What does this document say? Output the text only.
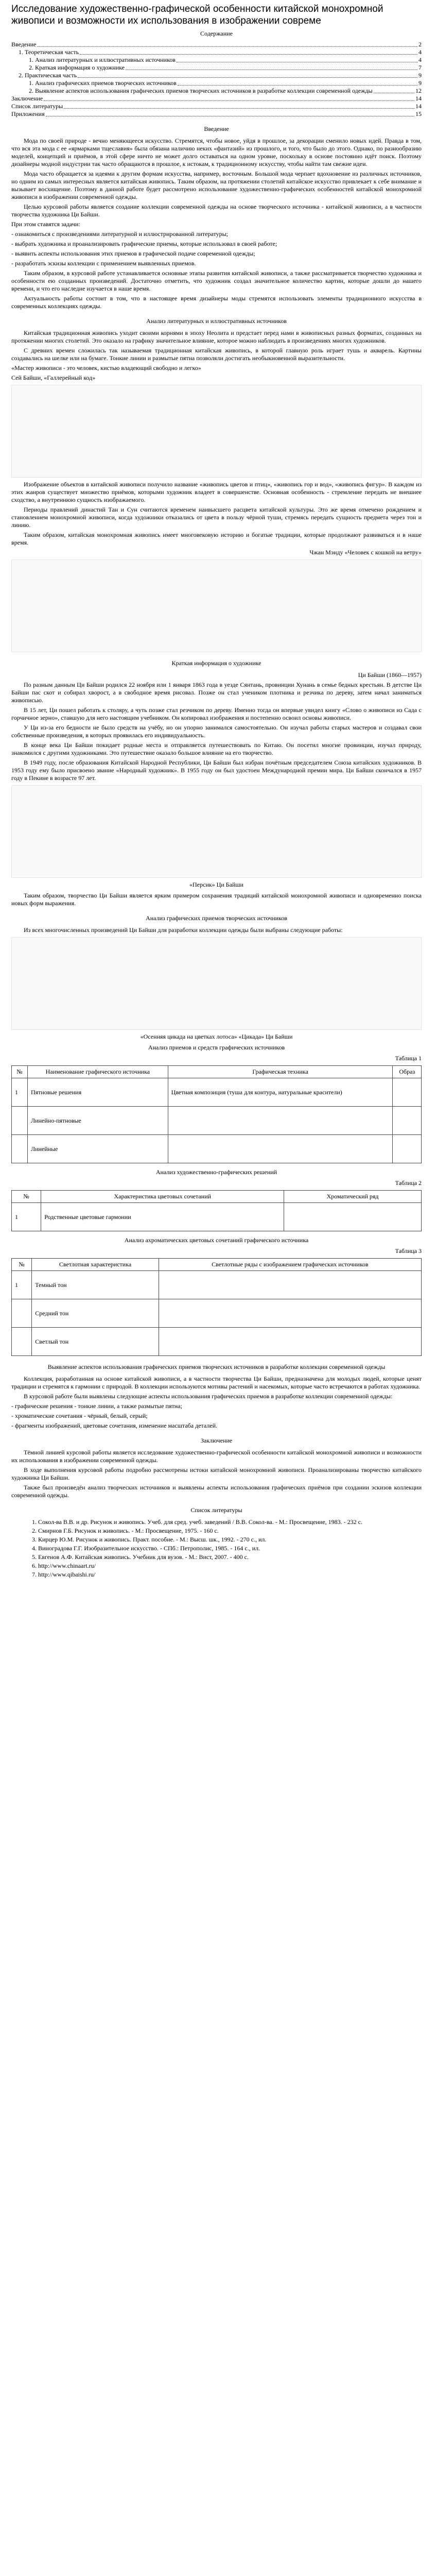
Исследование художественно-графической особенности китайской монохромной живописи и возможности их использования в изображении совреме
Содержание
Введение	2
1. Теоретическая часть	4
1. Анализ литературных и иллюстративных источников	4
2. Краткая информация о художнике	7
2. Практическая часть	9
1. Анализ графических приемов творческих источников	9
2. Выявление аспектов использования графических приемов творческих источников в разработке коллекции современной одежды	12
Заключение	14
Список литературы	14
Приложения	15
Введение

Мода по своей природе - вечно меняющееся искусство. Стремятся, чтобы новое, уйдя в прошлое, за декорации сменило новых идей. Правда в том, что вся эта мода с ее «ярмарками тщеславия» была обязана наличию неких «фантазий» из прошлого, и того, что было до этого. Однако, по разнообразию моделей, концепций и приёмов, в этой сфере ничто не может долго оставаться на одном уровне, поскольку в основе постоянно идёт поиск. Поэтому дизайнеры модной индустрии так часто обращаются в прошлое, к истокам, к традиционному искусству, чтобы найти там свежие идеи.

Мода часто обращается за идеями к другим формам искусства, например, восточным. Большой мода черпает вдохновение из различных источников, но одним из самых интересных является китайская живопись. Таким образом, на протяжении столетий китайское искусство привлекает к себе внимание и вызывает восхищение. Поэтому в данной работе будет рассмотрено использование художественно-графических особенностей китайской монохромной живописи в изображении современной одежды.

Целью курсовой работы является создание коллекции современной одежды на основе творческого источника - китайской живописи, а в частности творчества художника Ци Байши.

При этом ставятся задачи:

- ознакомиться с произведениями литературной и иллюстрированной литературы;

- выбрать художника и проанализировать графические приемы, которые использовал в своей работе;

- выявить аспекты использования этих приемов в графической подаче современной одежды;

- разработать эскизы коллекции с применением выявленных приемов.

Таким образом, в курсовой работе устанавливается основные этапы развития китайской живописи, а также рассматривается творчество художника и особенности ею созданных произведений. Достаточно отметить, что художник создал значительное количество картин, которые дошли до нашего времени, и что его наследие изучается в наше время.

Актуальность работы состоит в том, что в настоящее время дизайнеры моды стремятся использовать элементы традиционного искусства в современных коллекциях одежды.

Анализ литературных и иллюстративных источников

Китайская традиционная живопись уходит своими корнями в эпоху Неолита и предстает перед нами в живописных разных форматах, созданных на протяжении многих столетий. Это оказало на графику значительное влияние, которое можно наблюдать в произведениях многих художников.

С древних времен сложилась так называемая традиционная китайская живопись, в которой главную роль играет тушь и акварель. Картины создавались на шелке или на бумаге. Тонкие линии и размытые пятна позволяли достигать необыкновенной выразительности.

«Мастер живописи - это человек, кистью владеющий свободно и легко»

Сей Байши, «Галлерейный код»

Изображение объектов в китайской живописи получило название «живопись цветов и птиц», «живопись гор и вод», «живопись фигур». В каждом из этих жанров существует множество приёмов, которыми художник владеет в совершенстве. Основная особенность - стремление передать не внешнее сходство, а внутреннюю сущность изображаемого.

Периоды правлений династий Тан и Сун считаются временем наивысшего расцвета китайской культуры. Это же время отмечено рождением и становлением монохромной живописи, когда художники отказались от цвета в пользу чёрной туши, стремясь передать сущность предмета через тон и линию.

Таким образом, китайская монохромная живопись имеет многовековую историю и богатые традиции, которые продолжают развиваться и в наше время.

Чжан Мэнду «Человек с кошкой на ветру»
Краткая информация о художнике
Ци Байши (1860—1957)

По разным данным Ци Байши родился 22 ноября или 1 января 1863 года в уезде Сянтань, провинции Хунань в семье бедных крестьян. В детстве Ци Байши пас скот и собирал хворост, а в свободное время рисовал. Позже он стал учеником плотника и резчика по дереву, затем начал заниматься живописью.

В 15 лет, Ци пошел работать к столяру, а чуть позже стал резчиком по дереву. Именно тогда он впервые увидел книгу «Слово о живописи из Сада с горчичное зерно», ставшую для него настоящим учебником. Он копировал изображения и постепенно освоил основы живописи.

У Ци из-за его бедности не было средств на учёбу, но он упорно занимался самостоятельно. Он изучал работы старых мастеров и создавал свои собственные произведения, в которых проявилась его индивидуальность.

В конце века Ци Байши покидает родные места и отправляется путешествовать по Китаю. Он посетил многие провинции, изучал природу, знакомился с другими художниками. Это путешествие оказало большое влияние на его творчество.

В 1949 году, после образования Китайской Народной Республики, Ци Байши был избран почётным председателем Союза китайских художников. В 1953 году ему было присвоено звание «Народный художник». В 1955 году он был удостоен Международной премии мира. Ци Байши скончался в 1957 году в Пекине в возрасте 97 лет.

«Персик» Ци Байши

Таким образом, творчество Ци Байши является ярким примером сохранения традиций китайской монохромной живописи и одновременно поиска новых форм выражения.

Анализ графических приемов творческих источников

Из всех многочисленных произведений Ци Байши для разработки коллекции одежды были выбраны следующие работы:

«Осенняя цикада на цветках лотоса» «Цикада» Ци Байши
Анализ приемов и средств графических источников
Таблица 1
№	Наименование графического источника	Графическая техника	Образ
1	Пятновые решения	Цветная композиция (туша для контура, натуральные красители)	
	Линейно-пятновые		
	Линейные		
Анализ художественно-графических решений
Таблица 2
№	Характеристика цветовых сочетаний	Хроматический ряд
1	Родственные цветовые гармонии	
Анализ ахроматических цветовых сочетаний графического источника
Таблица 3
№	Светлотная характеристика	Светлотные ряды с изображением графических источников
1	Темный тон	
	Средний тон	
	Светлый тон	
Выявление аспектов использования графических приемов творческих источников в разработке коллекции современной одежды

Коллекция, разработанная на основе китайской живописи, а в частности творчества Ци Байши, предназначена для молодых людей, которые ценят традиции и стремятся к гармонии с природой. В коллекции используются мотивы растений и насекомых, которые часто встречаются в работах художника.

В курсовой работе были выявлены следующие аспекты использования графических приемов в разработке коллекции современной одежды:

- графические решения - тонкие линии, а также размытые пятна;

- хроматические сочетания - чёрный, белый, серый;

- фрагменты изображений, цветовые сочетания, изменение масштаба деталей.

Заключение

Тёмной линией курсовой работы является исследование художественно-графической особенности китайской монохромной живописи и возможности их использования в изображении современной одежды.

В ходе выполнения курсовой работы подробно рассмотрены истоки китайской монохромной живописи. Проанализированы творчество китайского художника Ци Байши.

Также был произведён анализ творческих источников и выявлены аспекты использования графических приёмов при создании эскизов коллекции современной одежды.

Список литературы
1. Сокол-ва В.В. и др. Рисунок и живопись. Учеб. для сред. учеб. заведений / В.В. Сокол-ва. - М.: Просвещение, 1983. - 232 с.
2. Смирнов Г.Б. Рисунок и живопись. - М.: Просвещение, 1975. - 160 с.
3. Кирцер Ю.М. Рисунок и живопись. Практ. пособие. - М.: Высш. шк., 1992. - 270 с., ил.
4. Виноградова Г.Г. Изобразительное искусство. - СПб.: Петрополис, 1985. - 164 с., ил.
5. Евгенов А.Ф. Китайская живопись. Учебник для вузов. - М.: Вист, 2007. - 400 с.
6. http://www.chinaart.ru/
7. http://www.qibaishi.ru/
